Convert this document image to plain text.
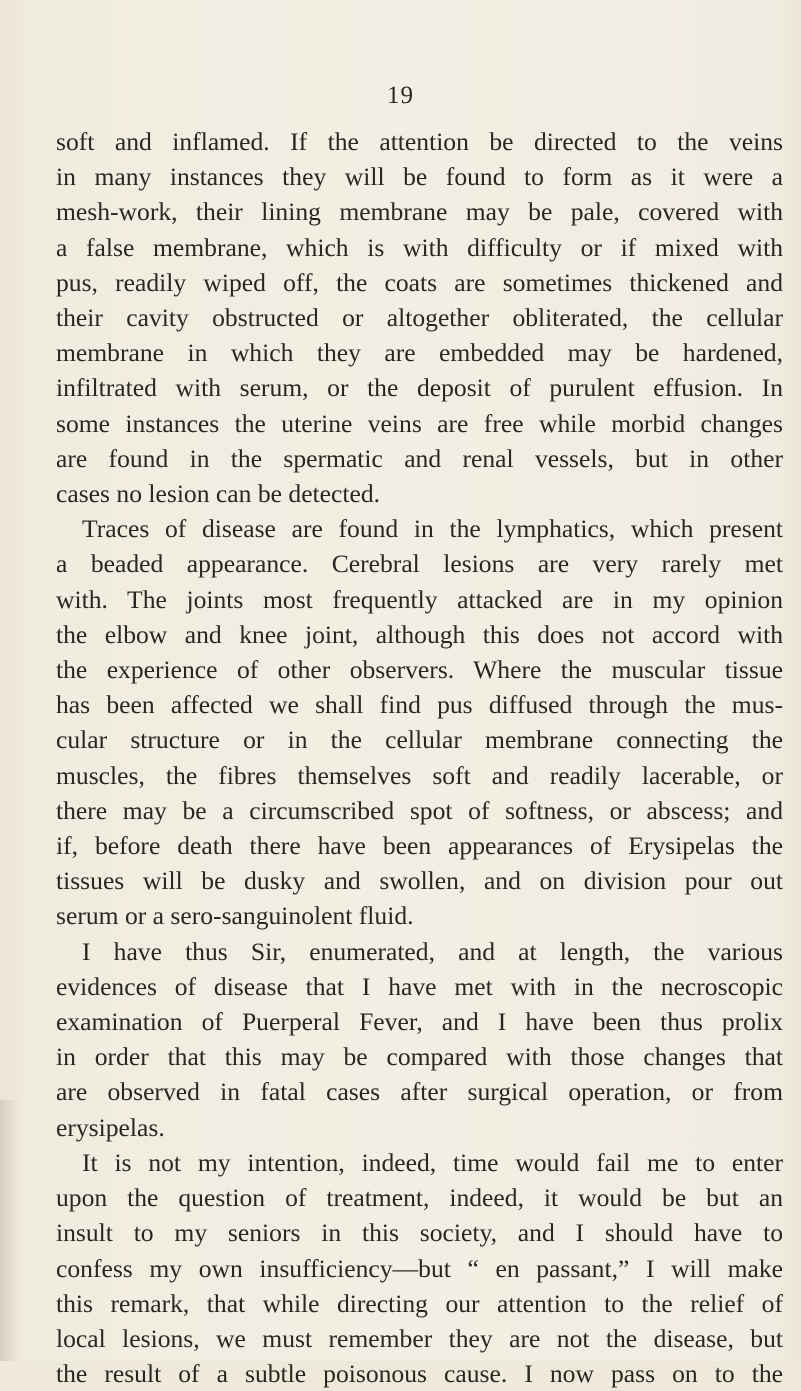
19
soft and inflamed. If the attention be directed to the veins
in many instances they will be found to form as it were a
mesh-work, their lining membrane may be pale, covered with
a false membrane, which is with difficulty or if mixed with
pus, readily wiped off, the coats are sometimes thickened and
their cavity obstructed or altogether obliterated, the cellular
membrane in which they are embedded may be hardened,
infiltrated with serum, or the deposit of purulent effusion. In
some instances the uterine veins are free while morbid changes
are found in the spermatic and renal vessels, but in other
cases no lesion can be detected.
Traces of disease are found in the lymphatics, which present
a beaded appearance. Cerebral lesions are very rarely met
with. The joints most frequently attacked are in my opinion
the elbow and knee joint, although this does not accord with
the experience of other observers. Where the muscular tissue
has been affected we shall find pus diffused through the mus-
cular structure or in the cellular membrane connecting the
muscles, the fibres themselves soft and readily lacerable, or
there may be a circumscribed spot of softness, or abscess; and
if, before death there have been appearances of Erysipelas the
tissues will be dusky and swollen, and on division pour out
serum or a sero-sanguinolent fluid.
I have thus Sir, enumerated, and at length, the various
evidences of disease that I have met with in the necroscopic
examination of Puerperal Fever, and I have been thus prolix
in order that this may be compared with those changes that
are observed in fatal cases after surgical operation, or from
erysipelas.
It is not my intention, indeed, time would fail me to enter
upon the question of treatment, indeed, it would be but an
insult to my seniors in this society, and I should have to
confess my own insufficiency—but “ en passant,” I will make
this remark, that while directing our attention to the relief of
local lesions, we must remember they are not the disease, but
the result of a subtle poisonous cause. I now pass on to the
